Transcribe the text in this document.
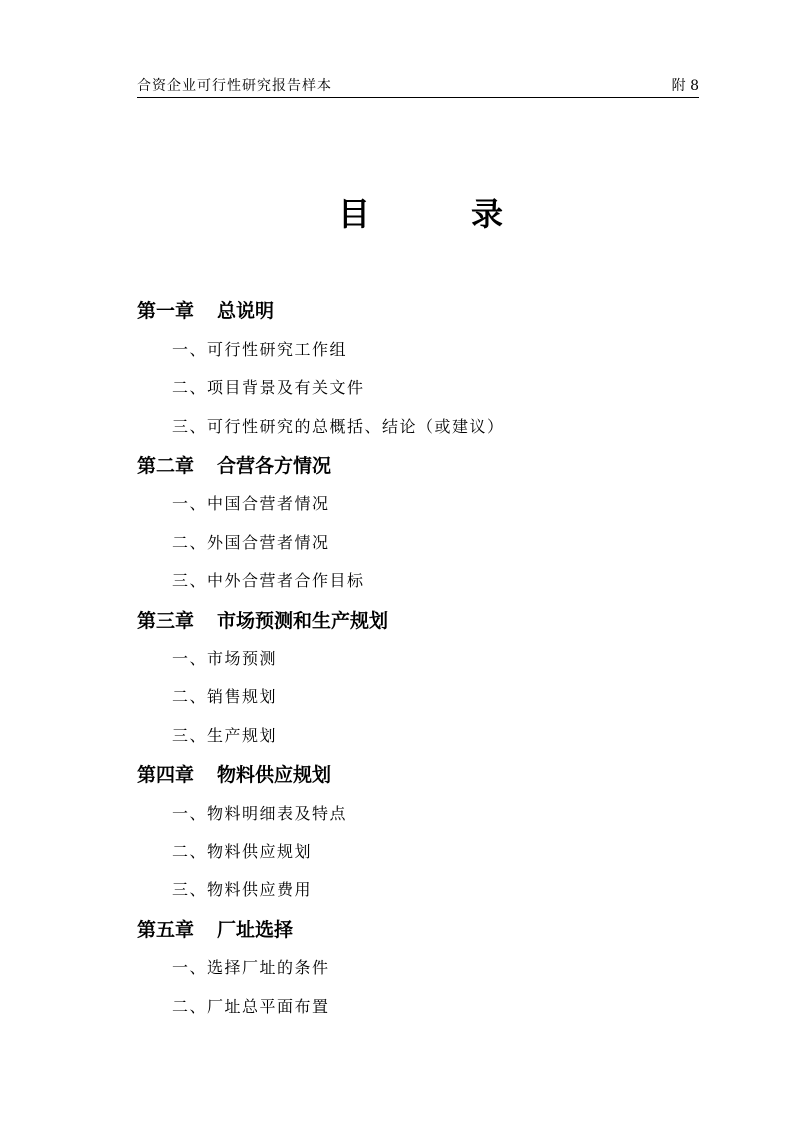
合资企业可行性研究报告样本	附 8
目	录
第一章 总说明
一、可行性研究工作组
二、项目背景及有关文件
三、可行性研究的总概括、结论（或建议）
第二章 合营各方情况
一、中国合营者情况
二、外国合营者情况
三、中外合营者合作目标
第三章 市场预测和生产规划
一、市场预测
二、销售规划
三、生产规划
第四章 物料供应规划
一、物料明细表及特点
二、物料供应规划
三、物料供应费用
第五章 厂址选择
一、选择厂址的条件
二、厂址总平面布置
